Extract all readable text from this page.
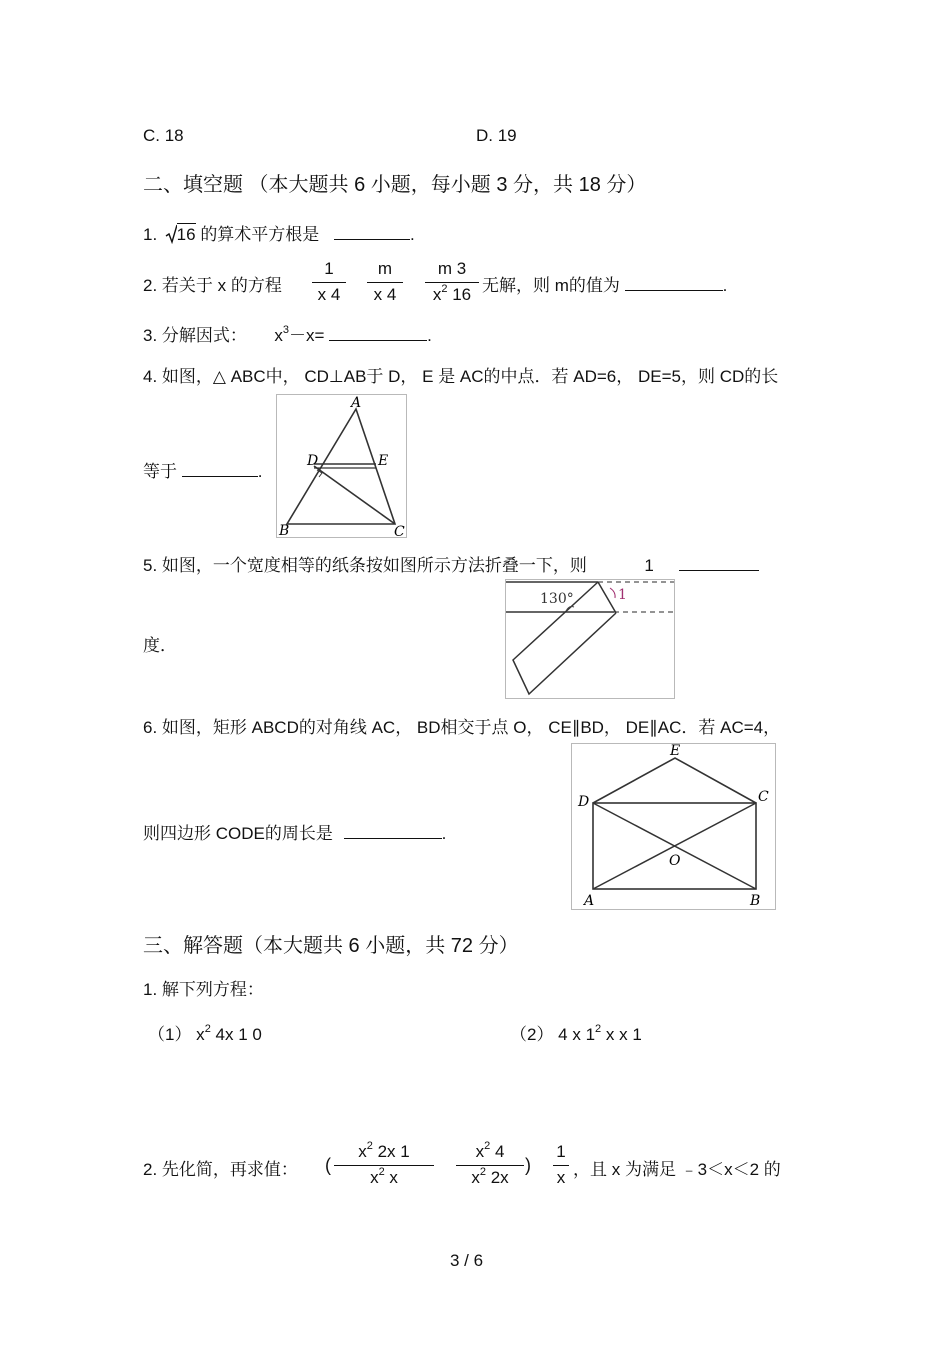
C. 18	D. 19
二、填空题 （本大题共 6 小题，每小题 3 分，共 18 分）
1. 16 的算术平方根是	.
2. 若关于 x 的方程
1
x 4
m
x 4
m 3
$x^2$ 16 无解，则 m的值为	.
3. 分解因式： $x^3-x=$	.
4. 如图，△ ABC中， CD⊥AB于 D， E 是 AC的中点．若 AD=6， DE=5，则 CD的长
等于	.
A
B	C
D	E
5. 如图，一个宽度相等的纸条按如图所示方法折叠一下，则	1
度．
130°	1
6. 如图，矩形 ABCD的对角线 AC， BD相交于点 O， CE∥BD， DE∥AC．若 AC=4，
则四边形 CODE的周长是	.
E
D	C
O
A	B
三、解答题（本大题共 6 小题，共 72 分）
1. 解下列方程：
（1） $x^2$ 4x 1 0	（2） 4 x $1^2$ x x 1
2. 先化简，再求值： (
$x^2$ 2x 1
$x^2$ x
$x^2$ 4
$x^2$ 2x
)
1
x ，且 x 为满足 ﹣3＜x＜2 的
3 / 6
